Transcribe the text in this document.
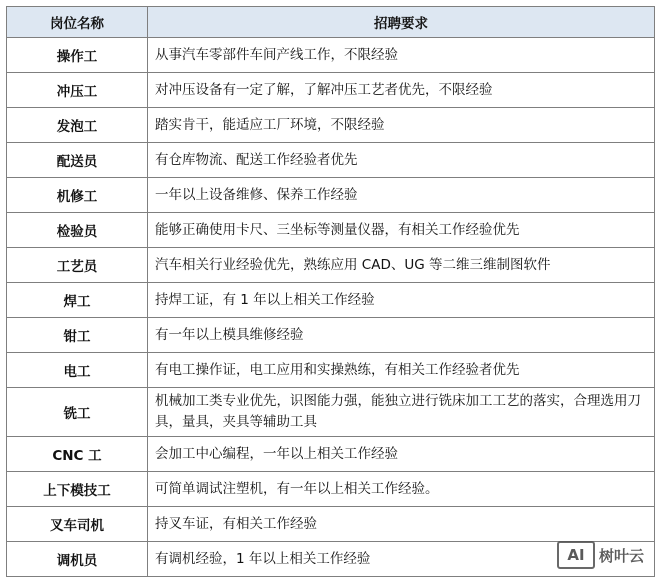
岗位名称	招聘要求
操作工	从事汽车零部件车间产线工作，不限经验
冲压工	对冲压设备有一定了解，了解冲压工艺者优先，不限经验
发泡工	踏实肯干，能适应工厂环境，不限经验
配送员	有仓库物流、配送工作经验者优先
机修工	一年以上设备维修、保养工作经验
检验员	能够正确使用卡尺、三坐标等测量仪器，有相关工作经验优先
工艺员	汽车相关行业经验优先，熟练应用 CAD、UG 等二维三维制图软件
焊工	持焊工证，有 1 年以上相关工作经验
钳工	有一年以上模具维修经验
电工	有电工操作证，电工应用和实操熟练，有相关工作经验者优先
铣工	机械加工类专业优先，识图能力强，能独立进行铣床加工工艺的落实，合理选用刀具，量具，夹具等辅助工具
CNC 工	会加工中心编程，一年以上相关工作经验
上下模技工	可简单调试注塑机，有一年以上相关工作经验。
叉车司机	持叉车证，有相关工作经验
调机员	有调机经验，1 年以上相关工作经验	AI 树叶云
